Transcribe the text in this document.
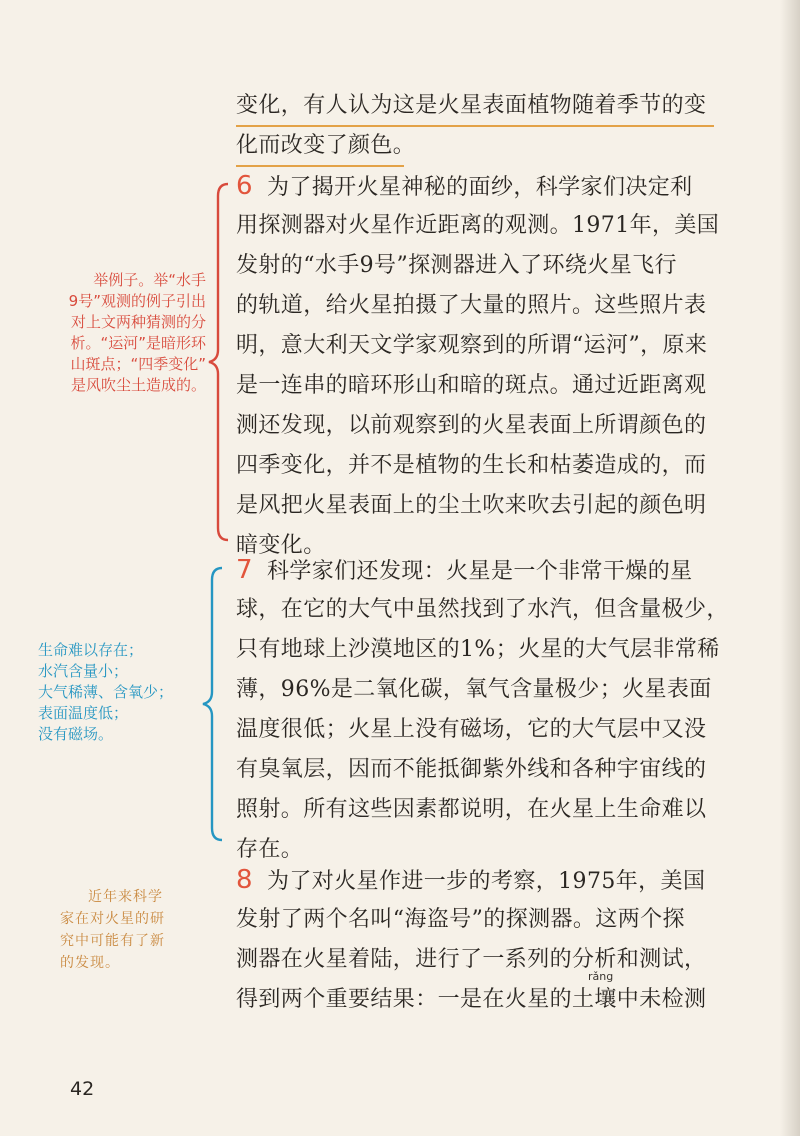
变化，有人认为这是火星表面植物随着季节的变
化而改变了颜色。
6 为了揭开火星神秘的面纱，科学家们决定利
用探测器对火星作近距离的观测。1971年，美国
发射的“水手9号”探测器进入了环绕火星飞行
的轨道，给火星拍摄了大量的照片。这些照片表
明，意大利天文学家观察到的所谓“运河”，原来
是一连串的暗环形山和暗的斑点。通过近距离观
测还发现，以前观察到的火星表面上所谓颜色的
四季变化，并不是植物的生长和枯萎造成的，而
是风把火星表面上的尘土吹来吹去引起的颜色明
暗变化。
7 科学家们还发现：火星是一个非常干燥的星
球，在它的大气中虽然找到了水汽，但含量极少，
只有地球上沙漠地区的1%；火星的大气层非常稀
薄，96%是二氧化碳，氧气含量极少；火星表面
温度很低；火星上没有磁场，它的大气层中又没
有臭氧层，因而不能抵御紫外线和各种宇宙线的
照射。所有这些因素都说明，在火星上生命难以
存在。
8 为了对火星作进一步的考察，1975年，美国
发射了两个名叫“海盗号”的探测器。这两个探
测器在火星着陆，进行了一系列的分析和测试，
得到两个重要结果：一是在火星的土壤中未检测
rǎng
举例子。举“水手
9号”观测的例子引出
对上文两种猜测的分
析。“运河”是暗形环
山斑点；“四季变化”
是风吹尘土造成的。
生命难以存在；
水汽含量小；
大气稀薄、含氧少；
表面温度低；
没有磁场。
近年来科学
家在对火星的研
究中可能有了新
的发现。
42
